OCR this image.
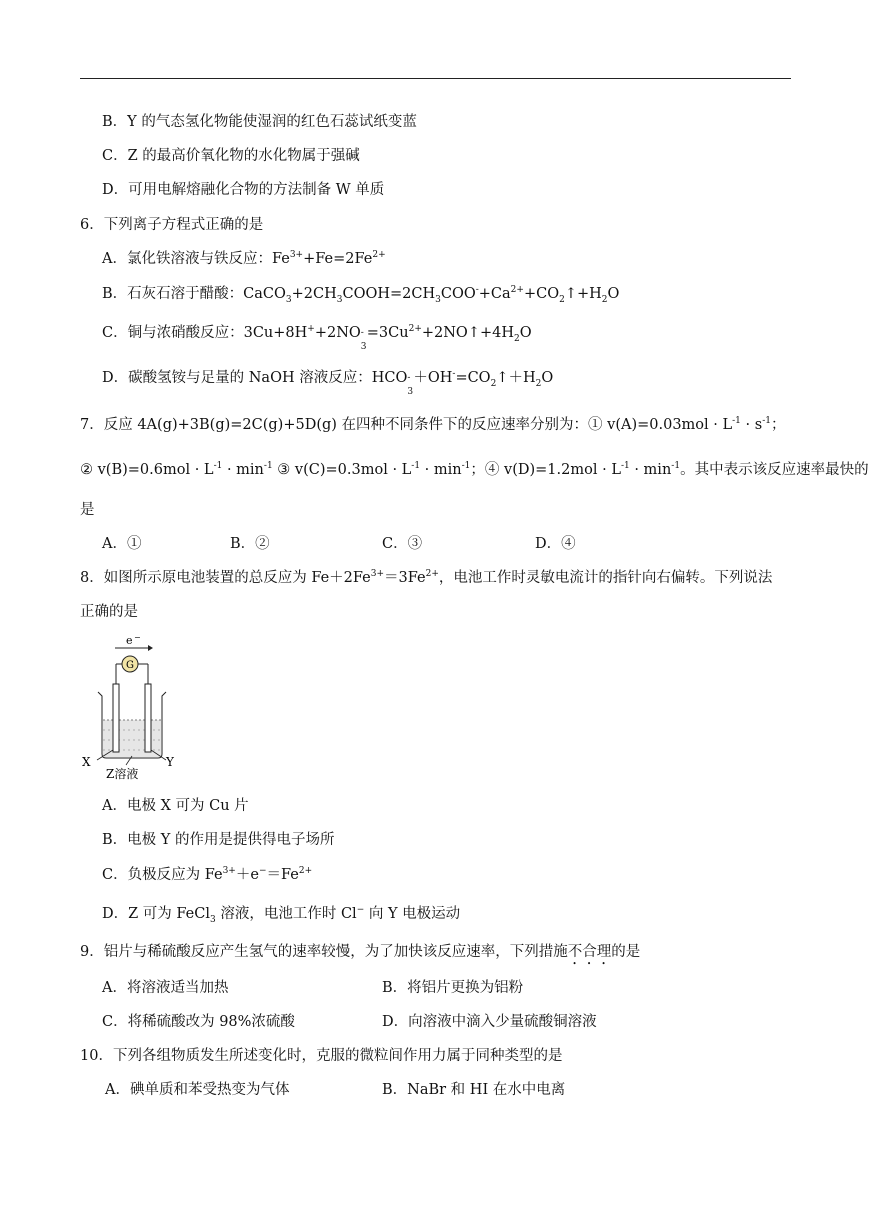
B．Y 的气态氢化物能使湿润的红色石蕊试纸变蓝
C．Z 的最高价氧化物的水化物属于强碱
D．可用电解熔融化合物的方法制备 W 单质
6．下列离子方程式正确的是
A．氯化铁溶液与铁反应：$Fe^{3+}+Fe=2Fe^{2+}$
B．石灰石溶于醋酸：$CaCO_3+2CH_3COOH=2CH_3COO^-+Ca^{2+}+CO_2↑+H_2O$
C．铜与浓硝酸反应：3Cu+8H++2NO -
3
$=3Cu^{2+}+2NO↑+4H_2O$
D．碳酸氢铵与足量的 NaOH 溶液反应：HCO -
3
$+OH^-=CO_2↑+H_2O$
7．反应 4A(g)+3B(g)=2C(g)+5D(g) 在四种不同条件下的反应速率分别为：① $v(A)=0.03mol \cdot L^{-1} \cdot s^{-1}$；
② $v(B)=0.6mol \cdot L^{-1} \cdot \min^{-1}$ ③ $v(C)=0.3mol \cdot L^{-1} \cdot \min^{-1}$；④ $v(D)=1.2mol \cdot L^{-1} \cdot \min^{-1}$。其中表示该反应速率最快的
是
A．①	B．②	C．③	D．④
8．如图所示原电池装置的总反应为 $Fe+2Fe^{3+}=3Fe^{2+}$，电池工作时灵敏电流计的指针向右偏转。下列说法
正确的是
e −
G
X	Y
Z溶液
A．电极 X 可为 Cu 片
B．电极 Y 的作用是提供得电子场所
C．负极反应为 $Fe^{3+}+e^-=Fe^{2+}$
D．Z 可为 FeCl$_3$ 溶液，电池工作时 Cl− 向 Y 电极运动
9．铝片与稀硫酸反应产生氢气的速率较慢，为了加快该反应速率，下列措施不合理的是
A．将溶液适当加热	B．将铝片更换为铝粉
C．将稀硫酸改为 98%浓硫酸	D．向溶液中滴入少量硫酸铜溶液
10．下列各组物质发生所述变化时，克服的微粒间作用力属于同种类型的是
A．碘单质和苯受热变为气体	B．NaBr 和 HI 在水中电离
